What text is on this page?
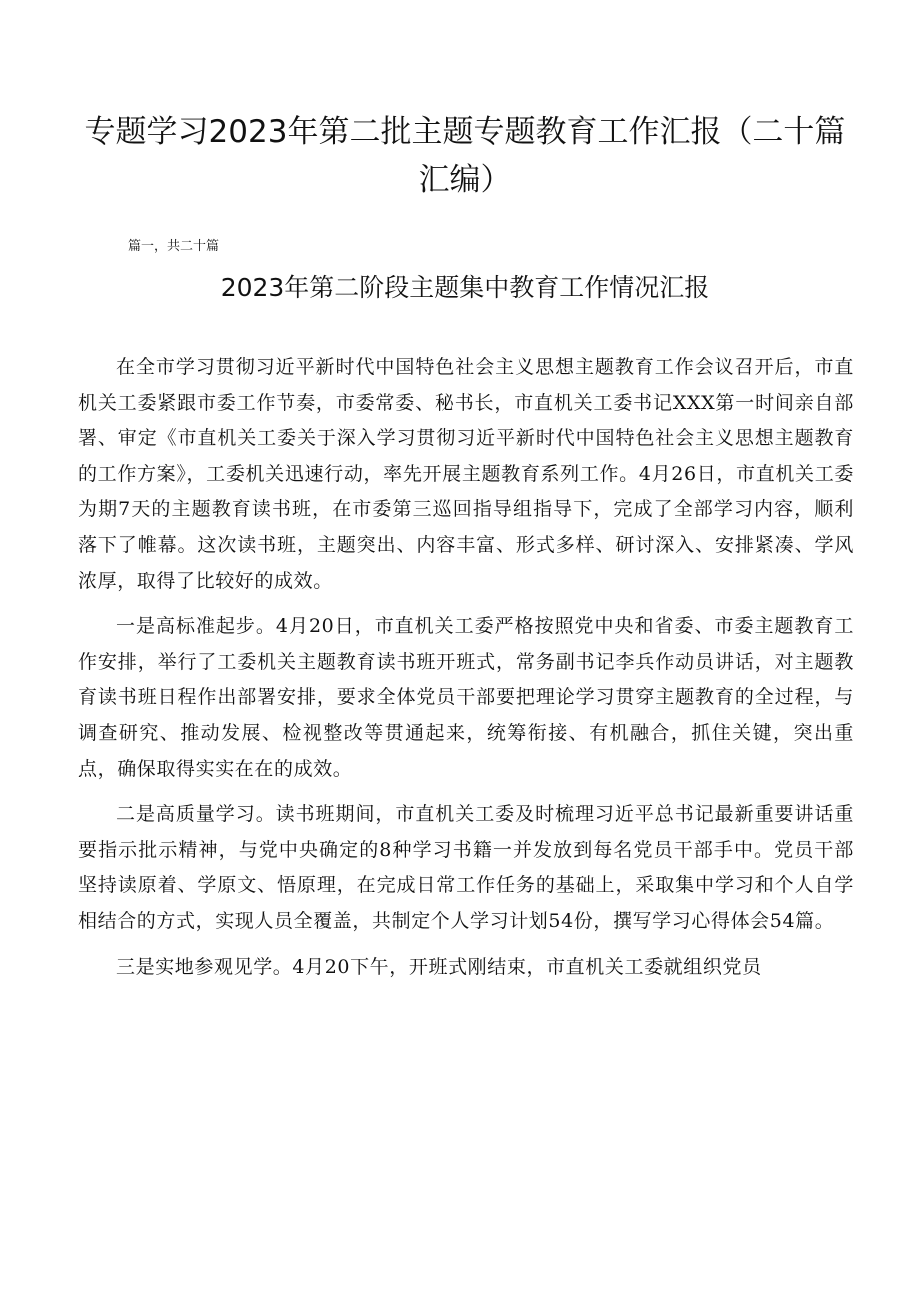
专题学习2023年第二批主题专题教育工作汇报（二十篇汇编）
篇一，共二十篇
2023年第二阶段主题集中教育工作情况汇报

在全市学习贯彻习近平新时代中国特色社会主义思想主题教育工作会议召开后，市直机关工委紧跟市委工作节奏，市委常委、秘书长，市直机关工委书记XXX第一时间亲自部署、审定《市直机关工委关于深入学习贯彻习近平新时代中国特色社会主义思想主题教育的工作方案》，工委机关迅速行动，率先开展主题教育系列工作。4月26日，市直机关工委为期7天的主题教育读书班，在市委第三巡回指导组指导下，完成了全部学习内容，顺利落下了帷幕。这次读书班，主题突出、内容丰富、形式多样、研讨深入、安排紧凑、学风浓厚，取得了比较好的成效。

一是高标准起步。4月20日，市直机关工委严格按照党中央和省委、市委主题教育工作安排，举行了工委机关主题教育读书班开班式，常务副书记李兵作动员讲话，对主题教育读书班日程作出部署安排，要求全体党员干部要把理论学习贯穿主题教育的全过程，与调查研究、推动发展、检视整改等贯通起来，统筹衔接、有机融合，抓住关键，突出重点，确保取得实实在在的成效。

二是高质量学习。读书班期间，市直机关工委及时梳理习近平总书记最新重要讲话重要指示批示精神，与党中央确定的8种学习书籍一并发放到每名党员干部手中。党员干部坚持读原着、学原文、悟原理，在完成日常工作任务的基础上，采取集中学习和个人自学相结合的方式，实现人员全覆盖，共制定个人学习计划54份，撰写学习心得体会54篇。

三是实地参观见学。4月20下午，开班式刚结束，市直机关工委就组织党员
